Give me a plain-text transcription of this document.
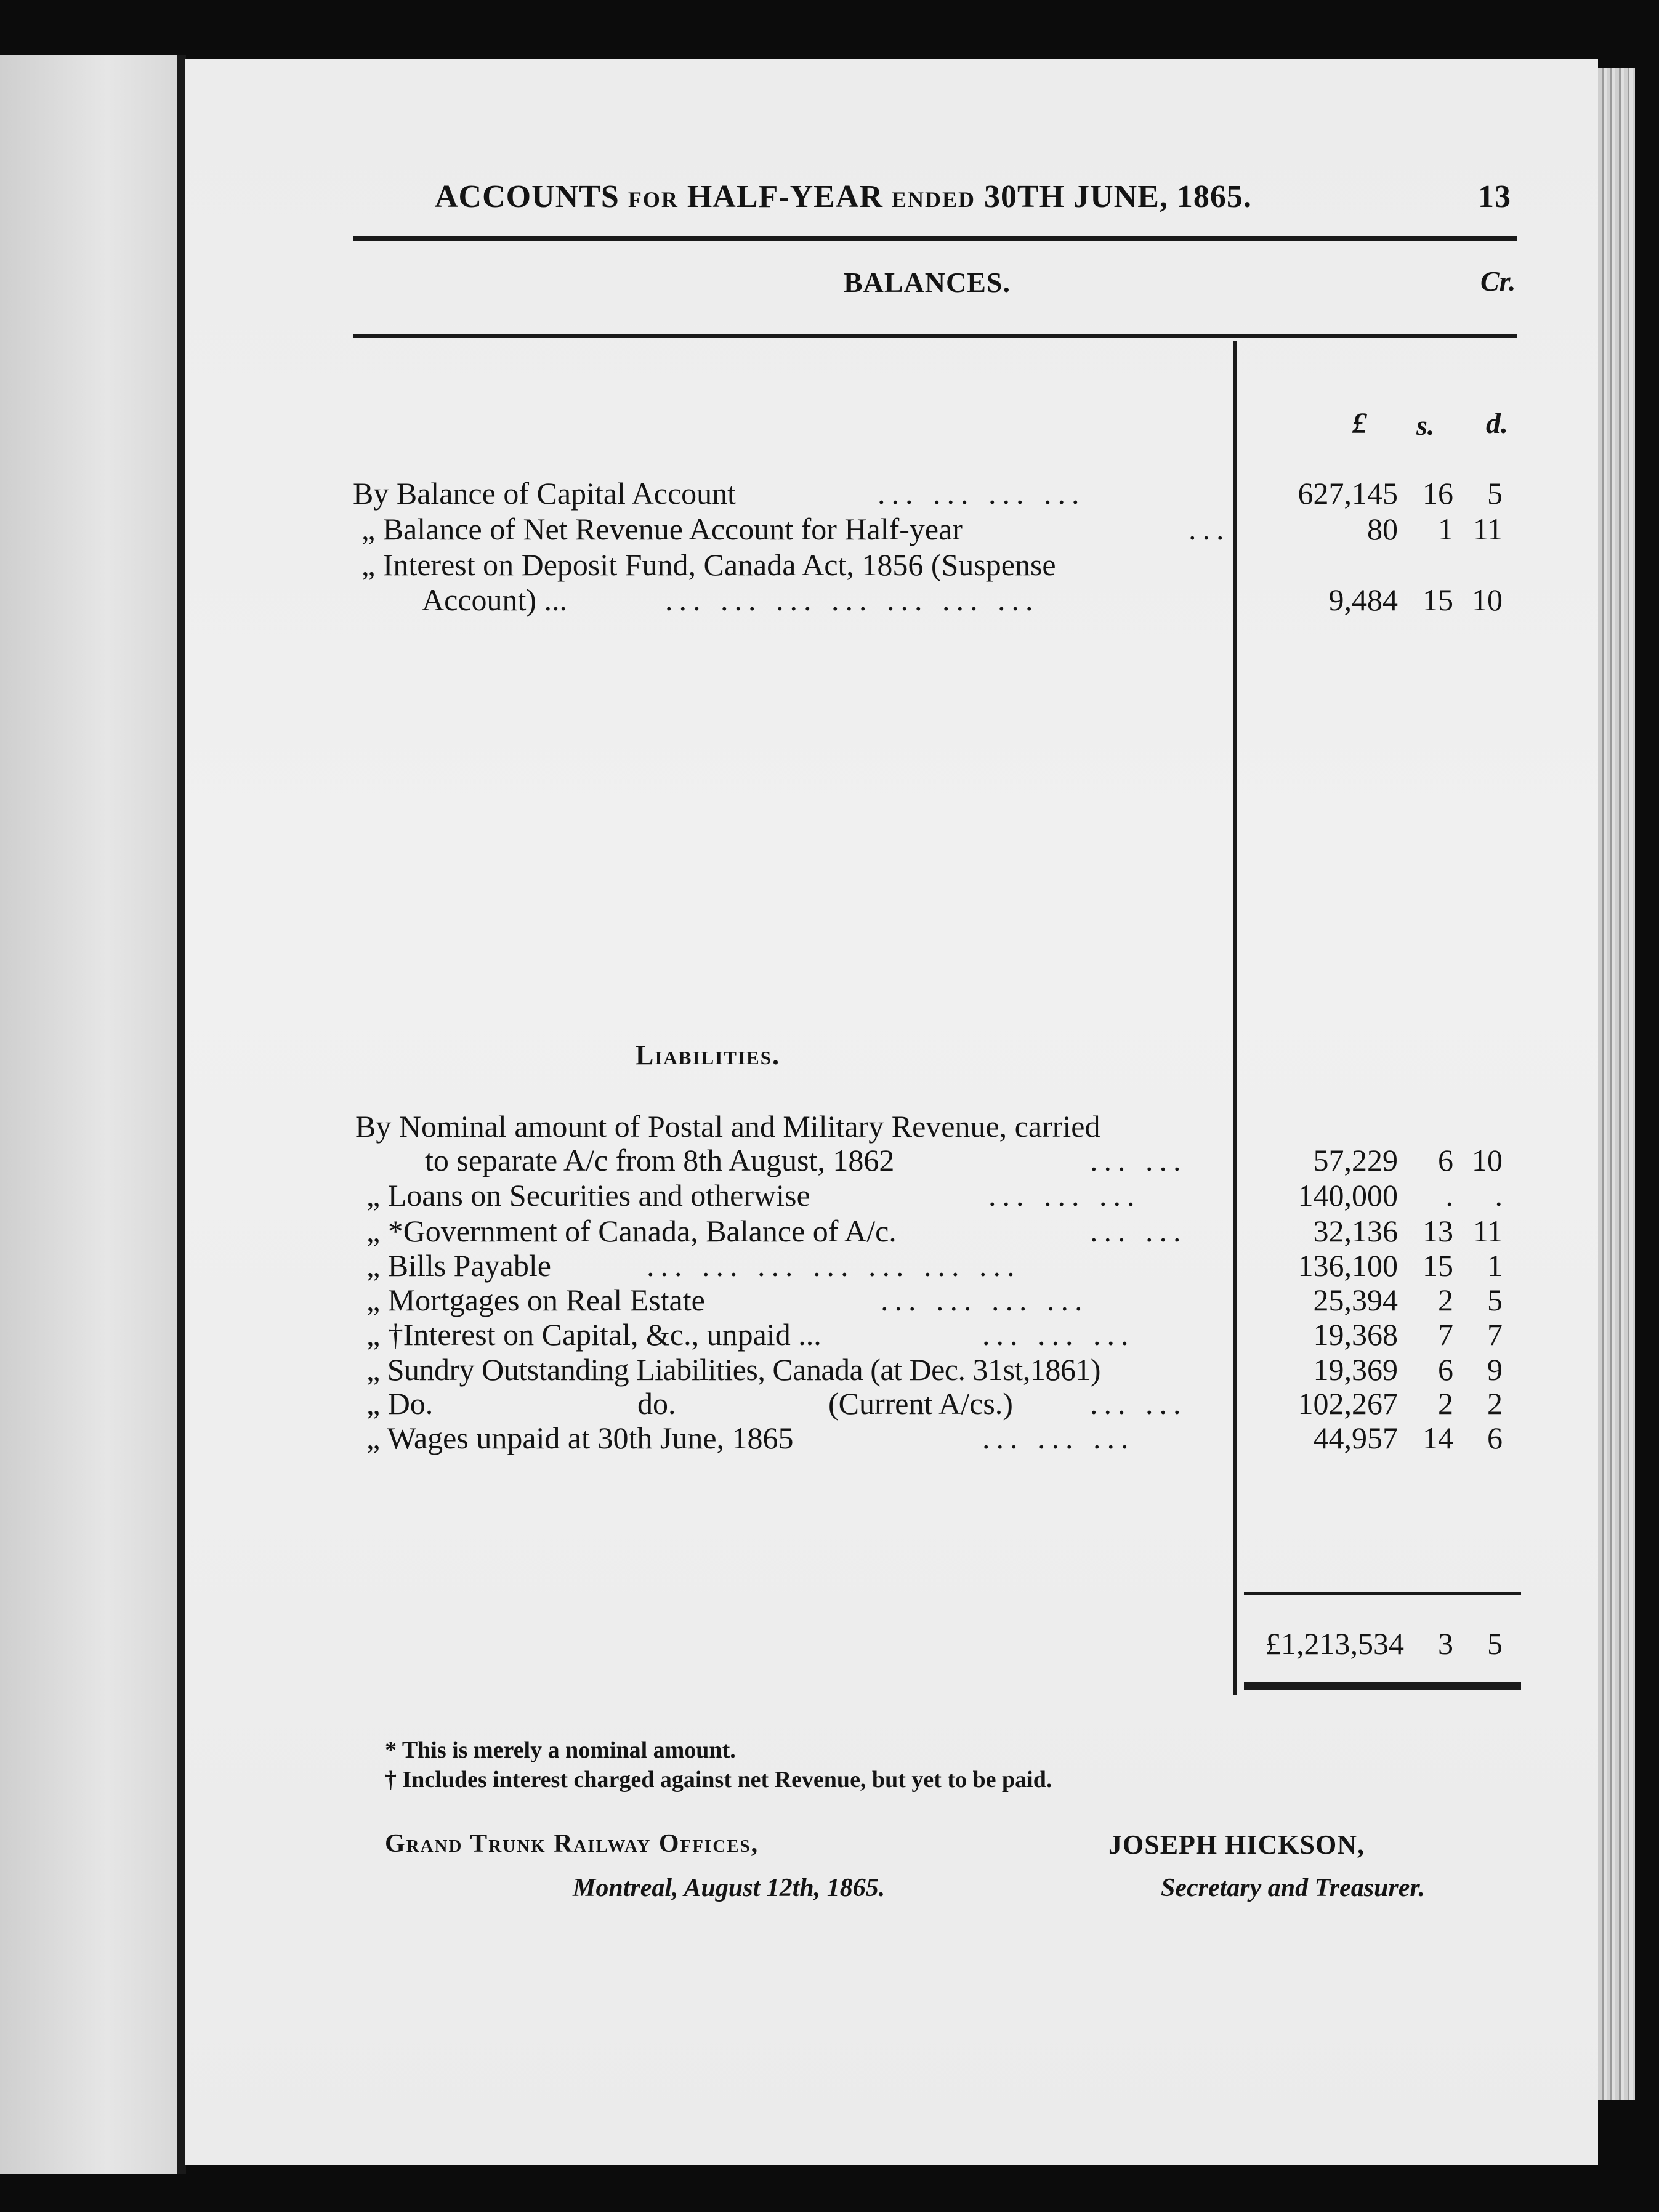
ACCOUNTS FOR HALF-YEAR ENDED 30TH JUNE, 1865.	13
BALANCES.	Cr.
£ s. d.
By Balance of Capital Account	... ... ... ...	627,145 16	5
„ Balance of Net Revenue Account for Half-year	...	80	1 11
„ Interest on Deposit Fund, Canada Act, 1856 (Suspense
Account) ...	... ... ... ... ... ... ...	9,484 15 10
Liabilities.
By Nominal amount of Postal and Military Revenue, carried
to separate A/c from 8th August, 1862	... ...	57,229	6 10
„ Loans on Securities and otherwise	... ... ...	140,000	.	.
„ *Government of Canada, Balance of A/c.	... ...	32,136 13 11
„ Bills Payable	... ... ... ... ... ... ...	136,100 15	1
„ Mortgages on Real Estate	... ... ... ...	25,394	2	5
„ †Interest on Capital, &c., unpaid ...	... ... ...	19,368	7	7
„ Sundry Outstanding Liabilities, Canada (at Dec. 31st,1861)	19,369	6	9
„ Do.	do.	(Current A/cs.)	... ...	102,267	2	2
„ Wages unpaid at 30th June, 1865	... ... ...	44,957 14	6
£1,213,534	3	5
* This is merely a nominal amount.
† Includes interest charged against net Revenue, but yet to be paid.
Grand Trunk Railway Offices,
Montreal, August 12th, 1865.
JOSEPH HICKSON,
Secretary and Treasurer.
